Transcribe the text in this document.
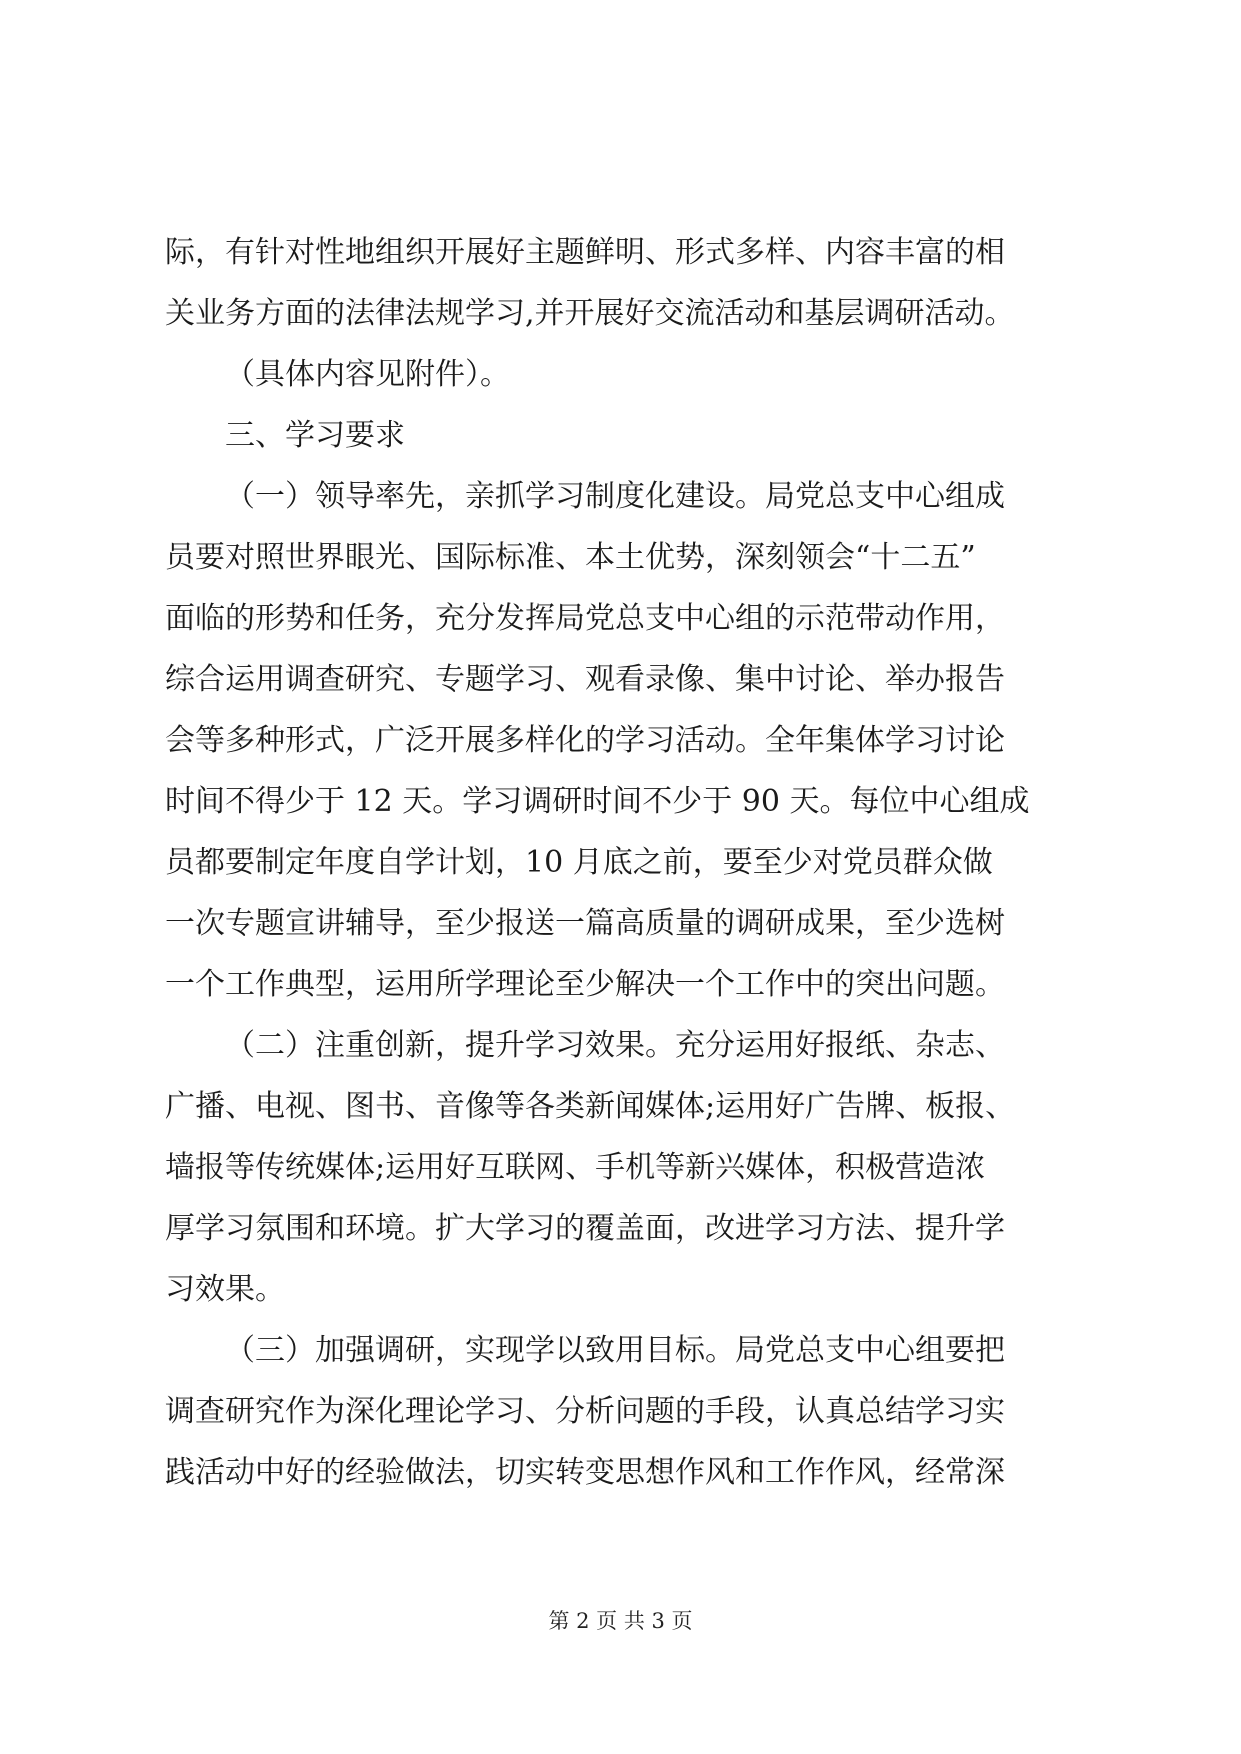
际，有针对性地组织开展好主题鲜明、形式多样、内容丰富的相
关业务方面的法律法规学习,并开展好交流活动和基层调研活动。
（具体内容见附件）。
三、学习要求
（一）领导率先，亲抓学习制度化建设。局党总支中心组成
员要对照世界眼光、国际标准、本土优势，深刻领会“十二五”
面临的形势和任务，充分发挥局党总支中心组的示范带动作用，
综合运用调查研究、专题学习、观看录像、集中讨论、举办报告
会等多种形式，广泛开展多样化的学习活动。全年集体学习讨论
时间不得少于 12 天。学习调研时间不少于 90 天。每位中心组成
员都要制定年度自学计划，10 月底之前，要至少对党员群众做
一次专题宣讲辅导，至少报送一篇高质量的调研成果，至少选树
一个工作典型，运用所学理论至少解决一个工作中的突出问题。
（二）注重创新，提升学习效果。充分运用好报纸、杂志、
广播、电视、图书、音像等各类新闻媒体;运用好广告牌、板报、
墙报等传统媒体;运用好互联网、手机等新兴媒体，积极营造浓
厚学习氛围和环境。扩大学习的覆盖面，改进学习方法、提升学
习效果。
（三）加强调研，实现学以致用目标。局党总支中心组要把
调查研究作为深化理论学习、分析问题的手段，认真总结学习实
践活动中好的经验做法，切实转变思想作风和工作作风，经常深
第 2 页 共 3 页
